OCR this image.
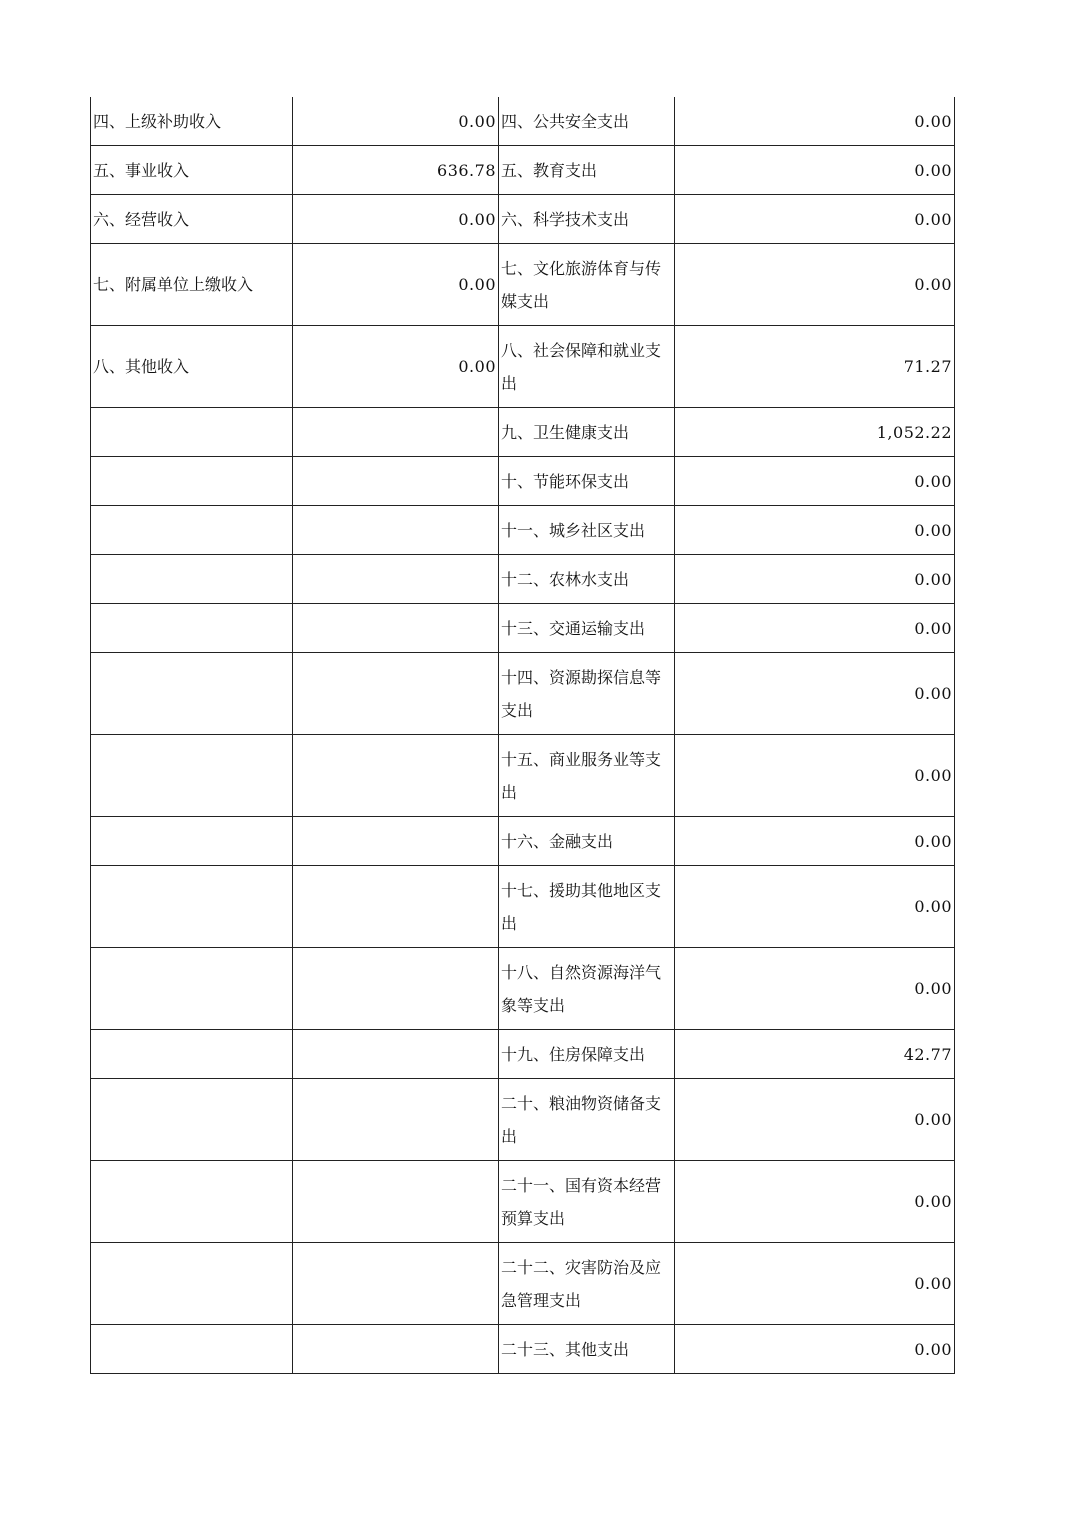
四、上级补助收入	0.00	四、公共安全支出	0.00
五、事业收入	636.78	五、教育支出	0.00
六、经营收入	0.00	六、科学技术支出	0.00
七、附属单位上缴收入	0.00	七、文化旅游体育与传媒支出	0.00
八、其他收入	0.00	八、社会保障和就业支出	71.27
		九、卫生健康支出	1,052.22
		十、节能环保支出	0.00
		十一、城乡社区支出	0.00
		十二、农林水支出	0.00
		十三、交通运输支出	0.00
		十四、资源勘探信息等支出	0.00
		十五、商业服务业等支出	0.00
		十六、金融支出	0.00
		十七、援助其他地区支出	0.00
		十八、自然资源海洋气象等支出	0.00
		十九、住房保障支出	42.77
		二十、粮油物资储备支出	0.00
		二十一、国有资本经营预算支出	0.00
		二十二、灾害防治及应急管理支出	0.00
		二十三、其他支出	0.00
